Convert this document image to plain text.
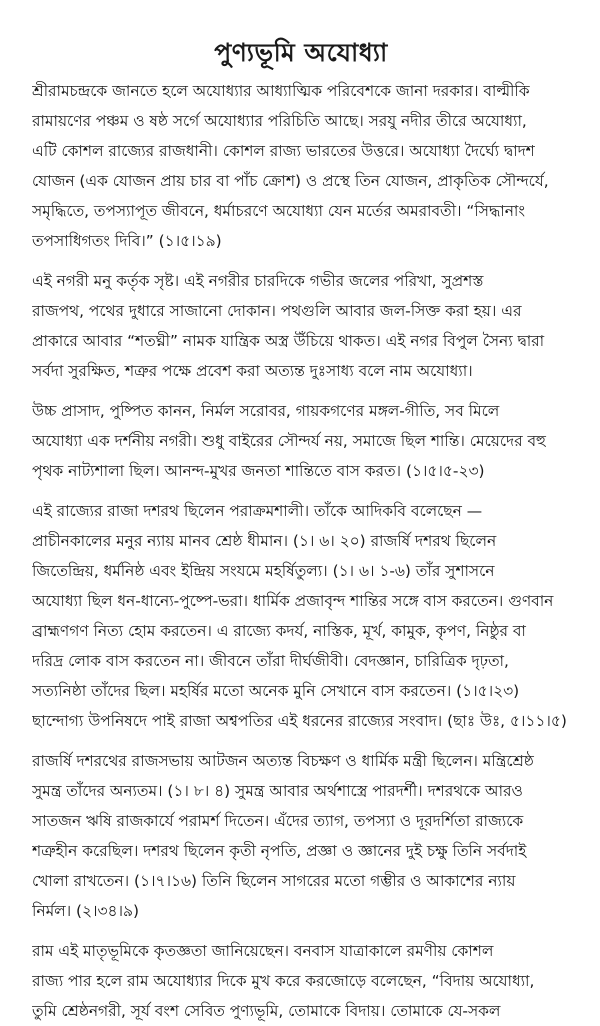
পুণ্যভূমি অযোধ্যা

শ্রীরামচন্দ্রকে জানতে হলে অযোধ্যার আধ্যাত্মিক পরিবেশকে জানা দরকার। বাল্মীকি
রামায়ণের পঞ্চম ও ষষ্ঠ সর্গে অযোধ্যার পরিচিতি আছে। সরযু নদীর তীরে অযোধ্যা,
এটি কোশল রাজ্যের রাজধানী। কোশল রাজ্য ভারতের উত্তরে। অযোধ্যা দৈর্ঘ্যে দ্বাদশ
যোজন (এক যোজন প্রায় চার বা পাঁচ ক্রোশ) ও প্রস্থে তিন যোজন, প্রাকৃতিক সৌন্দর্যে,
সমৃদ্ধিতে, তপস্যাপূত জীবনে, ধর্মাচরণে অযোধ্যা যেন মর্তের অমরাবতী। “সিদ্ধানাং
তপসাধিগতং দিবি।” (১।৫।১৯)

এই নগরী মনু কর্তৃক সৃষ্ট। এই নগরীর চারদিকে গভীর জলের পরিখা, সুপ্রশস্ত
রাজপথ, পথের দুধারে সাজানো দোকান। পথগুলি আবার জল-সিক্ত করা হয়। এর
প্রাকারে আবার “শতঘ্নী” নামক যান্ত্রিক অস্ত্র উঁচিয়ে থাকত। এই নগর বিপুল সৈন্য দ্বারা
সর্বদা সুরক্ষিত, শত্রুর পক্ষে প্রবেশ করা অত্যন্ত দুঃসাধ্য বলে নাম অযোধ্যা।

উচ্চ প্রাসাদ, পুষ্পিত কানন, নির্মল সরোবর, গায়কগণের মঙ্গল-গীতি, সব মিলে
অযোধ্যা এক দর্শনীয় নগরী। শুধু বাইরের সৌন্দর্য নয়, সমাজে ছিল শান্তি। মেয়েদের বহু
পৃথক নাট্যশালা ছিল। আনন্দ-মুখর জনতা শান্তিতে বাস করত। (১।৫।৫-২৩)

এই রাজ্যের রাজা দশরথ ছিলেন পরাক্রমশালী। তাঁকে আদিকবি বলেছেন —
প্রাচীনকালের মনুর ন্যায় মানব শ্রেষ্ঠ ধীমান। (১। ৬। ২০) রাজর্ষি দশরথ ছিলেন
জিতেন্দ্রিয়, ধর্মনিষ্ঠ এবং ইন্দ্রিয় সংযমে মহর্ষিতুল্য। (১। ৬। ১-৬) তাঁর সুশাসনে
অযোধ্যা ছিল ধন-ধান্যে-পুষ্পে-ভরা। ধার্মিক প্রজাবৃন্দ শান্তির সঙ্গে বাস করতেন। গুণবান
ব্রাহ্মণগণ নিত্য হোম করতেন। এ রাজ্যে কদর্য, নাস্তিক, মূর্খ, কামুক, কৃপণ, নিষ্ঠুর বা
দরিদ্র লোক বাস করতেন না। জীবনে তাঁরা দীর্ঘজীবী। বেদজ্ঞান, চারিত্রিক দৃঢ়তা,
সত্যনিষ্ঠা তাঁদের ছিল। মহর্ষির মতো অনেক মুনি সেখানে বাস করতেন। (১।৫।২৩)
ছান্দোগ্য উপনিষদে পাই রাজা অশ্বপতির এই ধরনের রাজ্যের সংবাদ। (ছাঃ উঃ, ৫।১১।৫)

রাজর্ষি দশরথের রাজসভায় আটজন অত্যন্ত বিচক্ষণ ও ধার্মিক মন্ত্রী ছিলেন। মন্ত্রিশ্রেষ্ঠ
সুমন্ত্র তাঁদের অন্যতম। (১। ৮। ৪) সুমন্ত্র আবার অর্থশাস্ত্রে পারদর্শী। দশরথকে আরও
সাতজন ঋষি রাজকার্যে পরামর্শ দিতেন। এঁদের ত্যাগ, তপস্যা ও দূরদর্শিতা রাজ্যকে
শত্রুহীন করেছিল। দশরথ ছিলেন কৃতী নৃপতি, প্রজ্ঞা ও জ্ঞানের দুই চক্ষু তিনি সর্বদাই
খোলা রাখতেন। (১।৭।১৬) তিনি ছিলেন সাগরের মতো গম্ভীর ও আকাশের ন্যায়
নির্মল। (২।৩৪।৯)

রাম এই মাতৃভূমিকে কৃতজ্ঞতা জানিয়েছেন। বনবাস যাত্রাকালে রমণীয় কোশল
রাজ্য পার হলে রাম অযোধ্যার দিকে মুখ করে করজোড়ে বলেছেন, “বিদায় অযোধ্যা,
তুমি শ্রেষ্ঠনগরী, সূর্য বংশ সেবিত পুণ্যভূমি, তোমাকে বিদায়। তোমাকে যে-সকল
